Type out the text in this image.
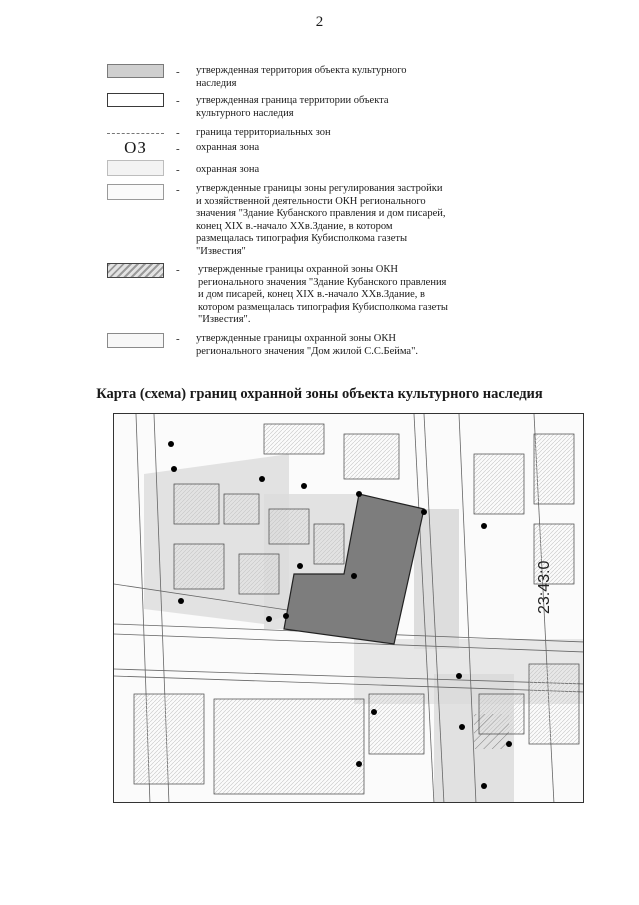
2
- утвержденная территория объекта культурного наследия
- утвержденная граница территории объекта культурного наследия
- граница территориальных зон
ОЗ	- охранная зона
- охранная зона
- утвержденные границы зоны регулирования застройки и хозяйственной деятельности ОКН регионального значения "Здание Кубанского правления и дом писарей, конец XIX в.-начало XXв.Здание, в котором размещалась типография Кубисполкома газеты "Известия"
- утвержденные границы охранной зоны ОКН регионального значения "Здание Кубанского правления и дом писарей, конец XIX в.-начало XXв.Здание, в котором размещалась типография Кубисполкома газеты "Известия".
- утвержденные границы охранной зоны ОКН регионального значения "Дом жилой С.С.Бейма".
Карта (схема) границ охранной зоны объекта культурного наследия
23:43:0
